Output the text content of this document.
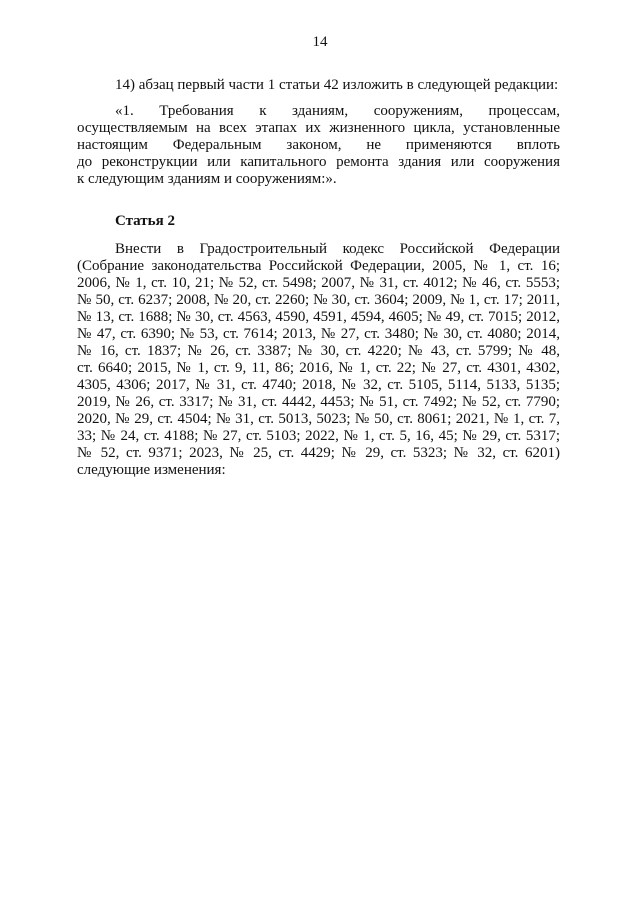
14

14) абзац первый части 1 статьи 42 изложить в следующей редакции:

«1. Требования к зданиям, сооружениям, процессам,
осуществляемым на всех этапах их жизненного цикла, установленные
настоящим Федеральным законом, не применяются вплоть
до реконструкции или капитального ремонта здания или сооружения
к следующим зданиям и сооружениям:».

Статья 2

Внести в Градостроительный кодекс Российской Федерации
(Собрание законодательства Российской Федерации, 2005, № 1, ст. 16;
2006, № 1, ст. 10, 21; № 52, ст. 5498; 2007, № 31, ст. 4012; № 46, ст. 5553;
№ 50, ст. 6237; 2008, № 20, ст. 2260; № 30, ст. 3604; 2009, № 1, ст. 17; 2011,
№ 13, ст. 1688; № 30, ст. 4563, 4590, 4591, 4594, 4605; № 49, ст. 7015; 2012,
№ 47, ст. 6390; № 53, ст. 7614; 2013, № 27, ст. 3480; № 30, ст. 4080; 2014,
№ 16, ст. 1837; № 26, ст. 3387; № 30, ст. 4220; № 43, ст. 5799; № 48,
ст. 6640; 2015, № 1, ст. 9, 11, 86; 2016, № 1, ст. 22; № 27, ст. 4301, 4302,
4305, 4306; 2017, № 31, ст. 4740; 2018, № 32, ст. 5105, 5114, 5133, 5135;
2019, № 26, ст. 3317; № 31, ст. 4442, 4453; № 51, ст. 7492; № 52, ст. 7790;
2020, № 29, ст. 4504; № 31, ст. 5013, 5023; № 50, ст. 8061; 2021, № 1, ст. 7,
33; № 24, ст. 4188; № 27, ст. 5103; 2022, № 1, ст. 5, 16, 45; № 29, ст. 5317;
№ 52, ст. 9371; 2023, № 25, ст. 4429; № 29, ст. 5323; № 32, ст. 6201)
следующие изменения:
